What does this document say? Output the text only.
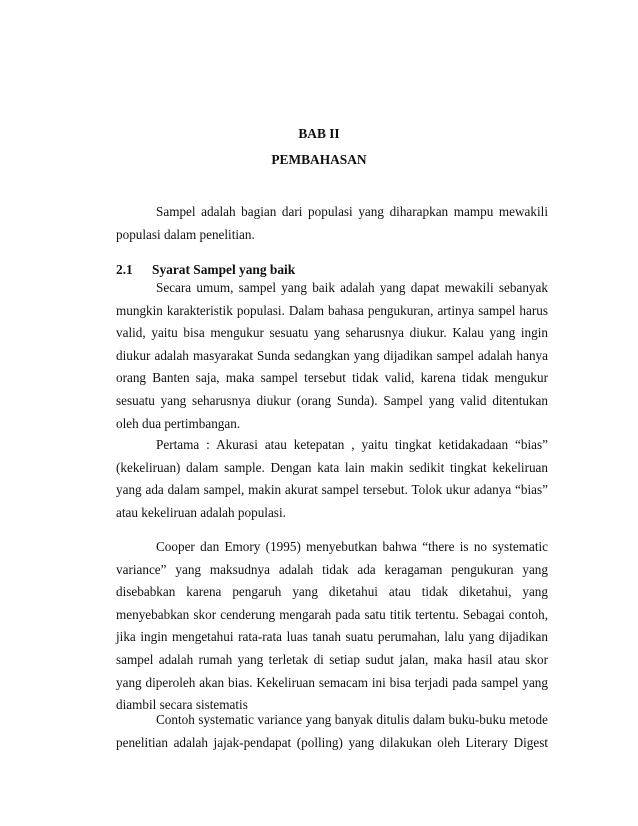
BAB II
PEMBAHASAN

Sampel adalah bagian dari populasi yang diharapkan mampu mewakili populasi dalam penelitian.

2.1 Syarat Sampel yang baik

Secara umum, sampel yang baik adalah yang dapat mewakili sebanyak mungkin karakteristik populasi. Dalam bahasa pengukuran, artinya sampel harus valid, yaitu bisa mengukur sesuatu yang seharusnya diukur. Kalau yang ingin diukur adalah masyarakat Sunda sedangkan yang dijadikan sampel adalah hanya orang Banten saja, maka sampel tersebut tidak valid, karena tidak mengukur sesuatu yang seharusnya diukur (orang Sunda). Sampel yang valid ditentukan oleh dua pertimbangan.

Pertama : Akurasi atau ketepatan , yaitu tingkat ketidakadaan “bias” (kekeliruan) dalam sample. Dengan kata lain makin sedikit tingkat kekeliruan yang ada dalam sampel, makin akurat sampel tersebut. Tolok ukur adanya “bias” atau kekeliruan adalah populasi.

Cooper dan Emory (1995) menyebutkan bahwa “there is no systematic variance” yang maksudnya adalah tidak ada keragaman pengukuran yang disebabkan karena pengaruh yang diketahui atau tidak diketahui, yang menyebabkan skor cenderung mengarah pada satu titik tertentu. Sebagai contoh, jika ingin mengetahui rata-rata luas tanah suatu perumahan, lalu yang dijadikan sampel adalah rumah yang terletak di setiap sudut jalan, maka hasil atau skor yang diperoleh akan bias. Kekeliruan semacam ini bisa terjadi pada sampel yang diambil secara sistematis

Contoh systematic variance yang banyak ditulis dalam buku-buku metode penelitian adalah jajak-pendapat (polling) yang dilakukan oleh Literary Digest
